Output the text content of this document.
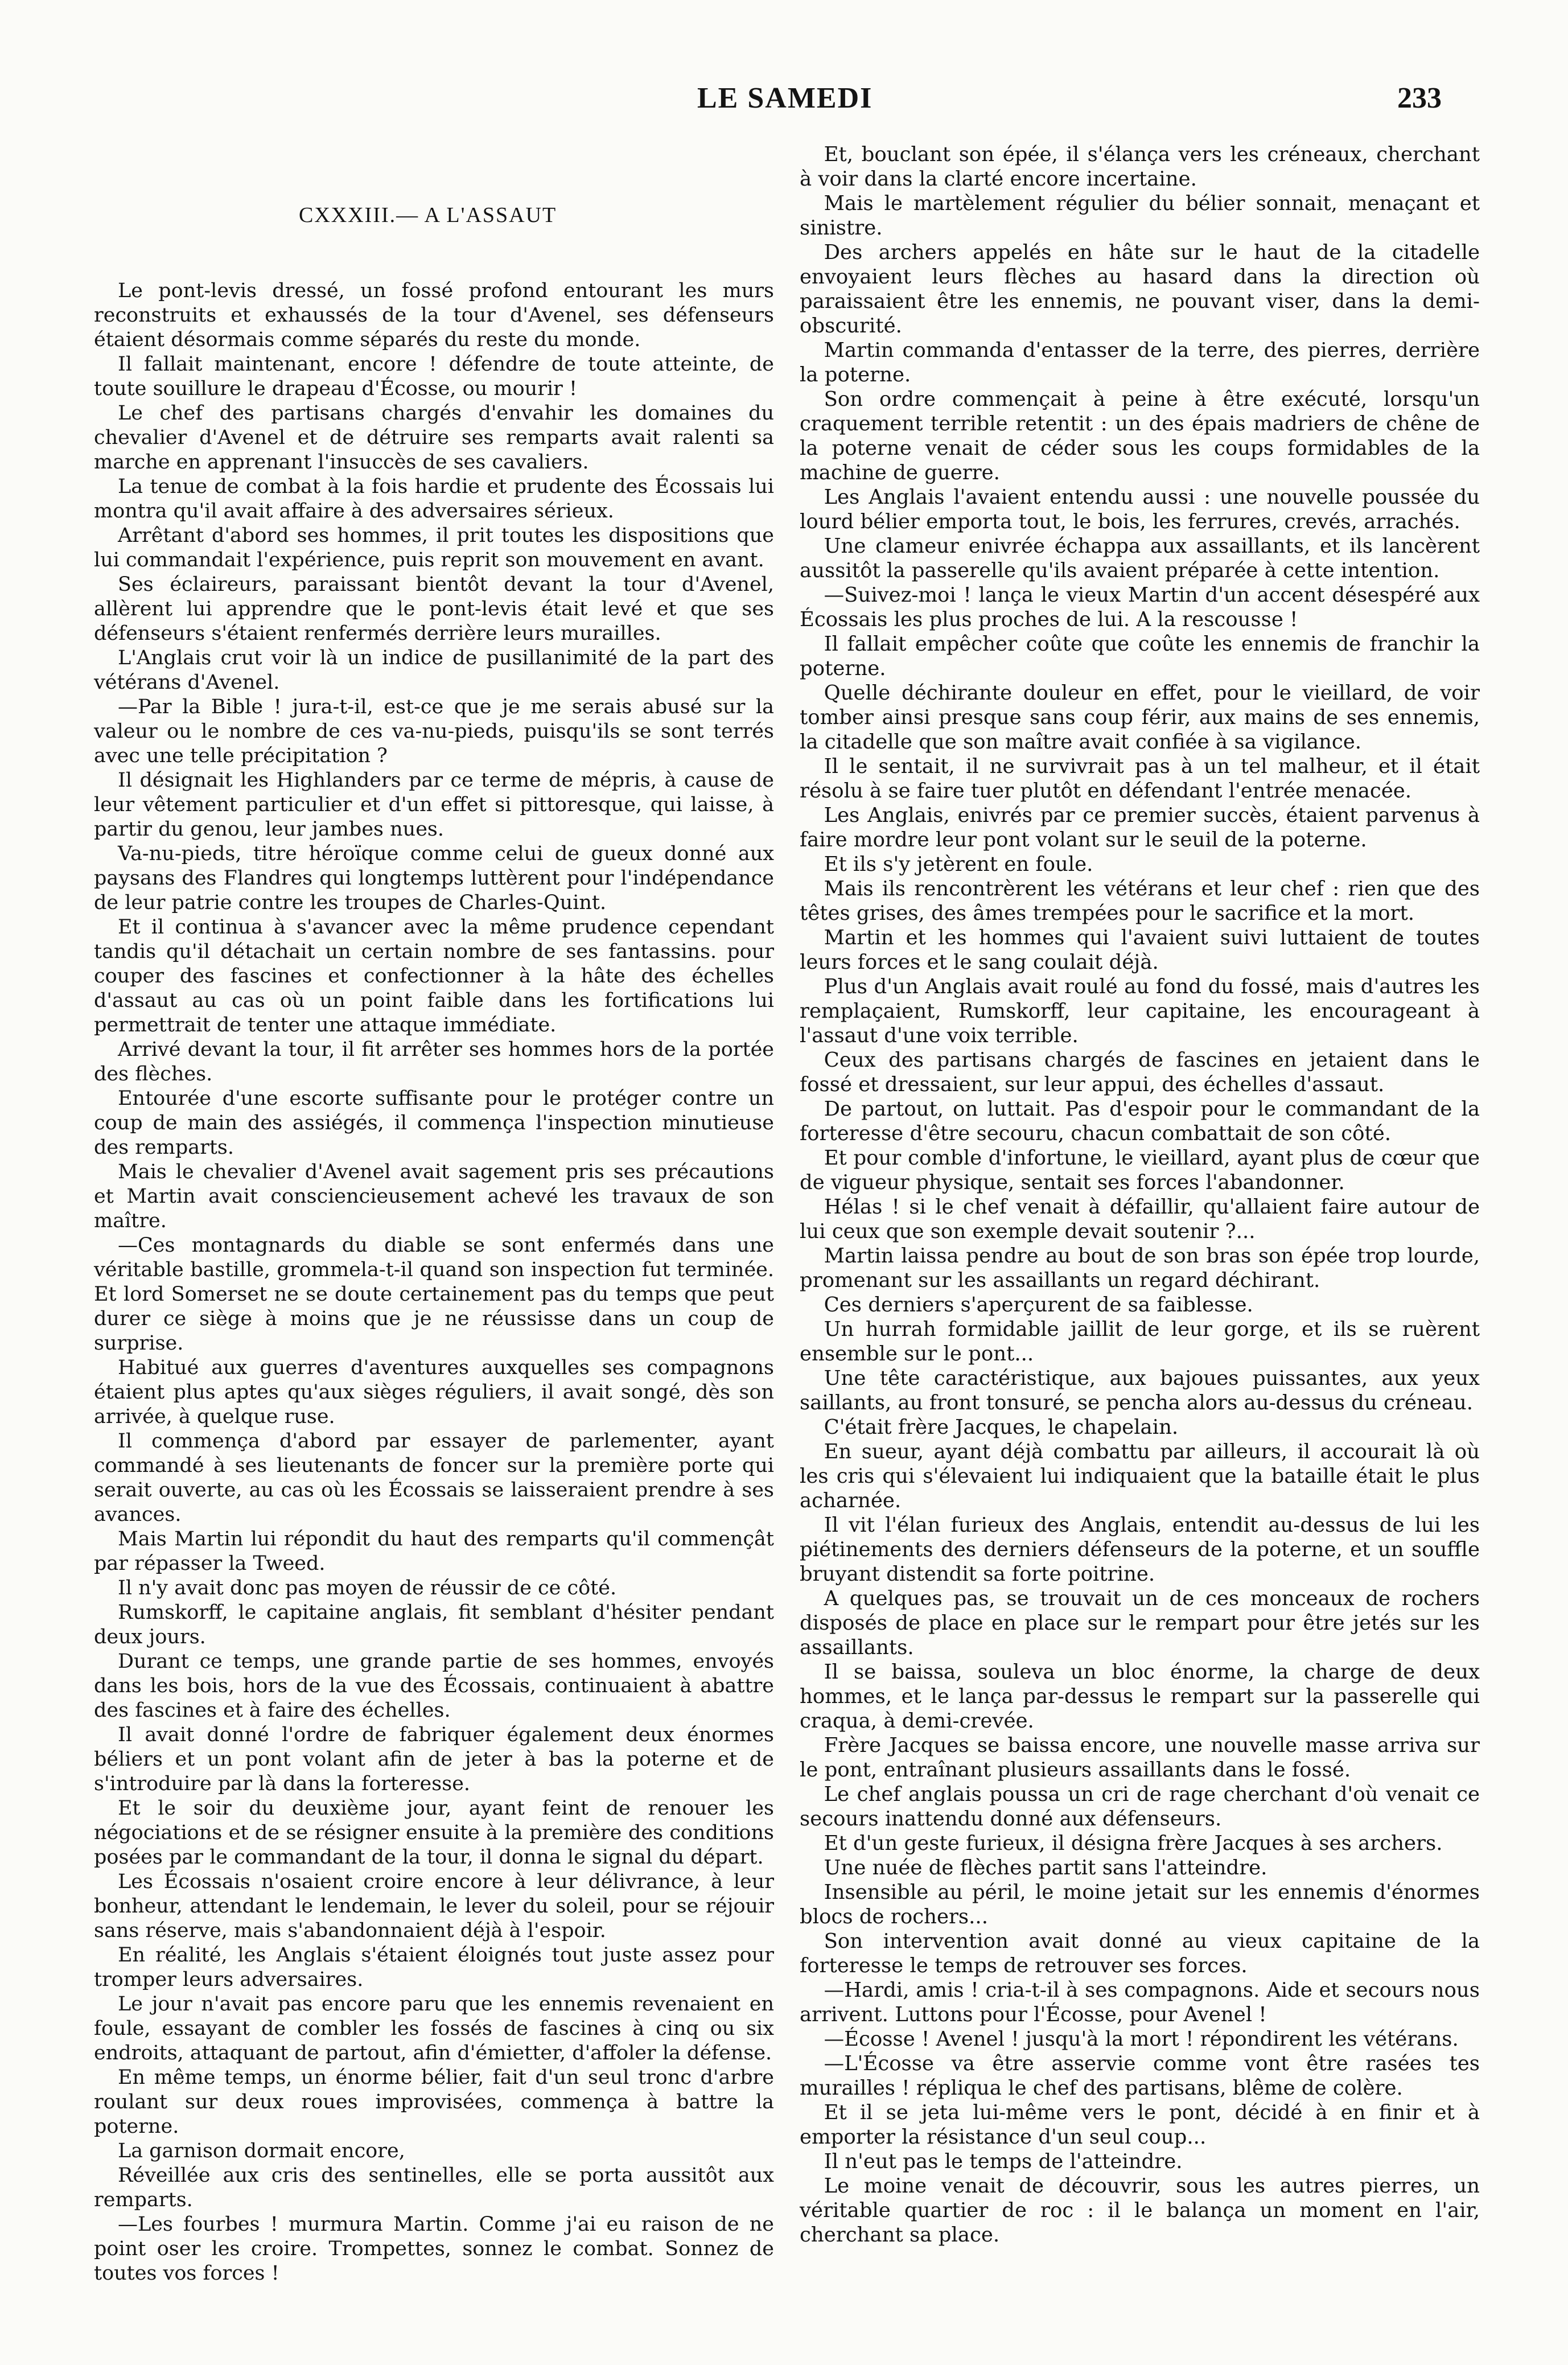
LE SAMEDI	233
CXXXIII.— A L'ASSAUT

Le pont-levis dressé, un fossé profond entourant les murs reconstruits et exhaussés de la tour d'Avenel, ses défenseurs étaient désormais comme séparés du reste du monde.

Il fallait maintenant, encore ! défendre de toute atteinte, de toute souillure le drapeau d'Écosse, ou mourir !

Le chef des partisans chargés d'envahir les domaines du chevalier d'Avenel et de détruire ses remparts avait ralenti sa marche en apprenant l'insuccès de ses cavaliers.

La tenue de combat à la fois hardie et prudente des Écossais lui montra qu'il avait affaire à des adversaires sérieux.

Arrêtant d'abord ses hommes, il prit toutes les dispositions que lui commandait l'expérience, puis reprit son mouvement en avant.

Ses éclaireurs, paraissant bientôt devant la tour d'Avenel, allèrent lui apprendre que le pont-levis était levé et que ses défenseurs s'étaient renfermés derrière leurs murailles.

L'Anglais crut voir là un indice de pusillanimité de la part des vétérans d'Avenel.

—Par la Bible ! jura-t-il, est-ce que je me serais abusé sur la valeur ou le nombre de ces va-nu-pieds, puisqu'ils se sont terrés avec une telle précipitation ?

Il désignait les Highlanders par ce terme de mépris, à cause de leur vêtement particulier et d'un effet si pittoresque, qui laisse, à partir du genou, leur jambes nues.

Va-nu-pieds, titre héroïque comme celui de gueux donné aux paysans des Flandres qui longtemps luttèrent pour l'indépendance de leur patrie contre les troupes de Charles-Quint.

Et il continua à s'avancer avec la même prudence cependant tandis qu'il détachait un certain nombre de ses fantassins. pour couper des fascines et confectionner à la hâte des échelles d'assaut au cas où un point faible dans les fortifications lui permettrait de tenter une attaque immédiate.

Arrivé devant la tour, il fit arrêter ses hommes hors de la portée des flèches.

Entourée d'une escorte suffisante pour le protéger contre un coup de main des assiégés, il commença l'inspection minutieuse des remparts.

Mais le chevalier d'Avenel avait sagement pris ses précautions et Martin avait consciencieusement achevé les travaux de son maître.

—Ces montagnards du diable se sont enfermés dans une véritable bastille, grommela-t-il quand son inspection fut terminée. Et lord Somerset ne se doute certainement pas du temps que peut durer ce siège à moins que je ne réussisse dans un coup de surprise.

Habitué aux guerres d'aventures auxquelles ses compagnons étaient plus aptes qu'aux sièges réguliers, il avait songé, dès son arrivée, à quelque ruse.

Il commença d'abord par essayer de parlementer, ayant commandé à ses lieutenants de foncer sur la première porte qui serait ouverte, au cas où les Écossais se laisseraient prendre à ses avances.

Mais Martin lui répondit du haut des remparts qu'il commençât par répasser la Tweed.

Il n'y avait donc pas moyen de réussir de ce côté.

Rumskorff, le capitaine anglais, fit semblant d'hésiter pendant deux jours.

Durant ce temps, une grande partie de ses hommes, envoyés dans les bois, hors de la vue des Écossais, continuaient à abattre des fascines et à faire des échelles.

Il avait donné l'ordre de fabriquer également deux énormes béliers et un pont volant afin de jeter à bas la poterne et de s'introduire par là dans la forteresse.

Et le soir du deuxième jour, ayant feint de renouer les négociations et de se résigner ensuite à la première des conditions posées par le commandant de la tour, il donna le signal du départ.

Les Écossais n'osaient croire encore à leur délivrance, à leur bonheur, attendant le lendemain, le lever du soleil, pour se réjouir sans réserve, mais s'abandonnaient déjà à l'espoir.

En réalité, les Anglais s'étaient éloignés tout juste assez pour tromper leurs adversaires.

Le jour n'avait pas encore paru que les ennemis revenaient en foule, essayant de combler les fossés de fascines à cinq ou six endroits, attaquant de partout, afin d'émietter, d'affoler la défense.

En même temps, un énorme bélier, fait d'un seul tronc d'arbre roulant sur deux roues improvisées, commença à battre la poterne.

La garnison dormait encore,

Réveillée aux cris des sentinelles, elle se porta aussitôt aux remparts.

—Les fourbes ! murmura Martin. Comme j'ai eu raison de ne point oser les croire. Trompettes, sonnez le combat. Sonnez de toutes vos forces !

Et, bouclant son épée, il s'élança vers les créneaux, cherchant à voir dans la clarté encore incertaine.

Mais le martèlement régulier du bélier sonnait, menaçant et sinistre.

Des archers appelés en hâte sur le haut de la citadelle envoyaient leurs flèches au hasard dans la direction où paraissaient être les ennemis, ne pouvant viser, dans la demi-obscurité.

Martin commanda d'entasser de la terre, des pierres, derrière la poterne.

Son ordre commençait à peine à être exécuté, lorsqu'un craquement terrible retentit : un des épais madriers de chêne de la poterne venait de céder sous les coups formidables de la machine de guerre.

Les Anglais l'avaient entendu aussi : une nouvelle poussée du lourd bélier emporta tout, le bois, les ferrures, crevés, arrachés.

Une clameur enivrée échappa aux assaillants, et ils lancèrent aussitôt la passerelle qu'ils avaient préparée à cette intention.

—Suivez-moi ! lança le vieux Martin d'un accent désespéré aux Écossais les plus proches de lui. A la rescousse !

Il fallait empêcher coûte que coûte les ennemis de franchir la poterne.

Quelle déchirante douleur en effet, pour le vieillard, de voir tomber ainsi presque sans coup férir, aux mains de ses ennemis, la citadelle que son maître avait confiée à sa vigilance.

Il le sentait, il ne survivrait pas à un tel malheur, et il était résolu à se faire tuer plutôt en défendant l'entrée menacée.

Les Anglais, enivrés par ce premier succès, étaient parvenus à faire mordre leur pont volant sur le seuil de la poterne.

Et ils s'y jetèrent en foule.

Mais ils rencontrèrent les vétérans et leur chef : rien que des têtes grises, des âmes trempées pour le sacrifice et la mort.

Martin et les hommes qui l'avaient suivi luttaient de toutes leurs forces et le sang coulait déjà.

Plus d'un Anglais avait roulé au fond du fossé, mais d'autres les remplaçaient, Rumskorff, leur capitaine, les encourageant à l'assaut d'une voix terrible.

Ceux des partisans chargés de fascines en jetaient dans le fossé et dressaient, sur leur appui, des échelles d'assaut.

De partout, on luttait. Pas d'espoir pour le commandant de la forteresse d'être secouru, chacun combattait de son côté.

Et pour comble d'infortune, le vieillard, ayant plus de cœur que de vigueur physique, sentait ses forces l'abandonner.

Hélas ! si le chef venait à défaillir, qu'allaient faire autour de lui ceux que son exemple devait soutenir ?...

Martin laissa pendre au bout de son bras son épée trop lourde, promenant sur les assaillants un regard déchirant.

Ces derniers s'aperçurent de sa faiblesse.

Un hurrah formidable jaillit de leur gorge, et ils se ruèrent ensemble sur le pont...

Une tête caractéristique, aux bajoues puissantes, aux yeux saillants, au front tonsuré, se pencha alors au-dessus du créneau.

C'était frère Jacques, le chapelain.

En sueur, ayant déjà combattu par ailleurs, il accourait là où les cris qui s'élevaient lui indiquaient que la bataille était le plus acharnée.

Il vit l'élan furieux des Anglais, entendit au-dessus de lui les piétinements des derniers défenseurs de la poterne, et un souffle bruyant distendit sa forte poitrine.

A quelques pas, se trouvait un de ces monceaux de rochers disposés de place en place sur le rempart pour être jetés sur les assaillants.

Il se baissa, souleva un bloc énorme, la charge de deux hommes, et le lança par-dessus le rempart sur la passerelle qui craqua, à demi-crevée.

Frère Jacques se baissa encore, une nouvelle masse arriva sur le pont, entraînant plusieurs assaillants dans le fossé.

Le chef anglais poussa un cri de rage cherchant d'où venait ce secours inattendu donné aux défenseurs.

Et d'un geste furieux, il désigna frère Jacques à ses archers.

Une nuée de flèches partit sans l'atteindre.

Insensible au péril, le moine jetait sur les ennemis d'énormes blocs de rochers...

Son intervention avait donné au vieux capitaine de la forteresse le temps de retrouver ses forces.

—Hardi, amis ! cria-t-il à ses compagnons. Aide et secours nous arrivent. Luttons pour l'Écosse, pour Avenel !

—Écosse ! Avenel ! jusqu'à la mort ! répondirent les vétérans.

—L'Écosse va être asservie comme vont être rasées tes murailles ! répliqua le chef des partisans, blême de colère.

Et il se jeta lui-même vers le pont, décidé à en finir et à emporter la résistance d'un seul coup...

Il n'eut pas le temps de l'atteindre.

Le moine venait de découvrir, sous les autres pierres, un véritable quartier de roc : il le balança un moment en l'air, cherchant sa place.
